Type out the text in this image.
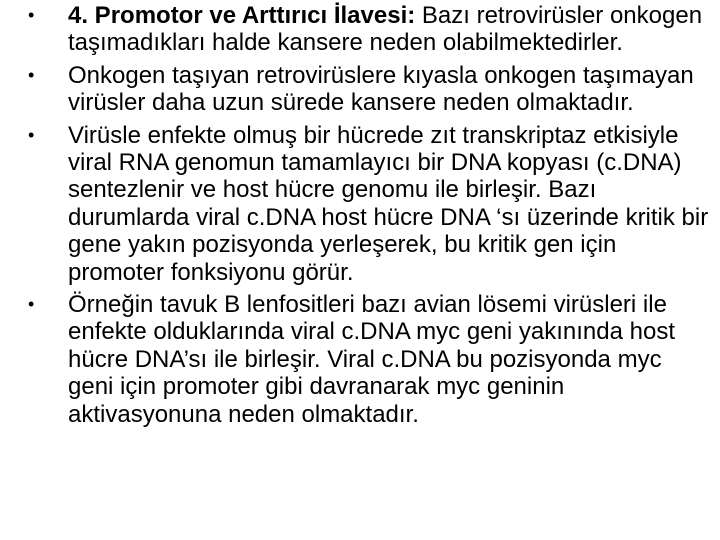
• 4. Promotor ve Arttırıcı İlavesi: Bazı retrovirüsler onkogen taşımadıkları halde kansere neden olabilmektedirler.
• Onkogen taşıyan retrovirüslere kıyasla onkogen taşımayan virüsler daha uzun sürede kansere neden olmaktadır.
• Virüsle enfekte olmuş bir hücrede zıt transkriptaz etkisiyle viral RNA genomun tamamlayıcı bir DNA kopyası (c.DNA) sentezlenir ve host hücre genomu ile birleşir. Bazı durumlarda viral c.DNA host hücre DNA ‘sı üzerinde kritik bir gene yakın pozisyonda yerleşerek, bu kritik gen için promoter fonksiyonu görür.
• Örneğin tavuk B lenfositleri bazı avian lösemi virüsleri ile enfekte olduklarında viral c.DNA myc geni yakınında host hücre DNA’sı ile birleşir. Viral c.DNA bu pozisyonda myc geni için promoter gibi davranarak myc geninin aktivasyonuna neden olmaktadır.
